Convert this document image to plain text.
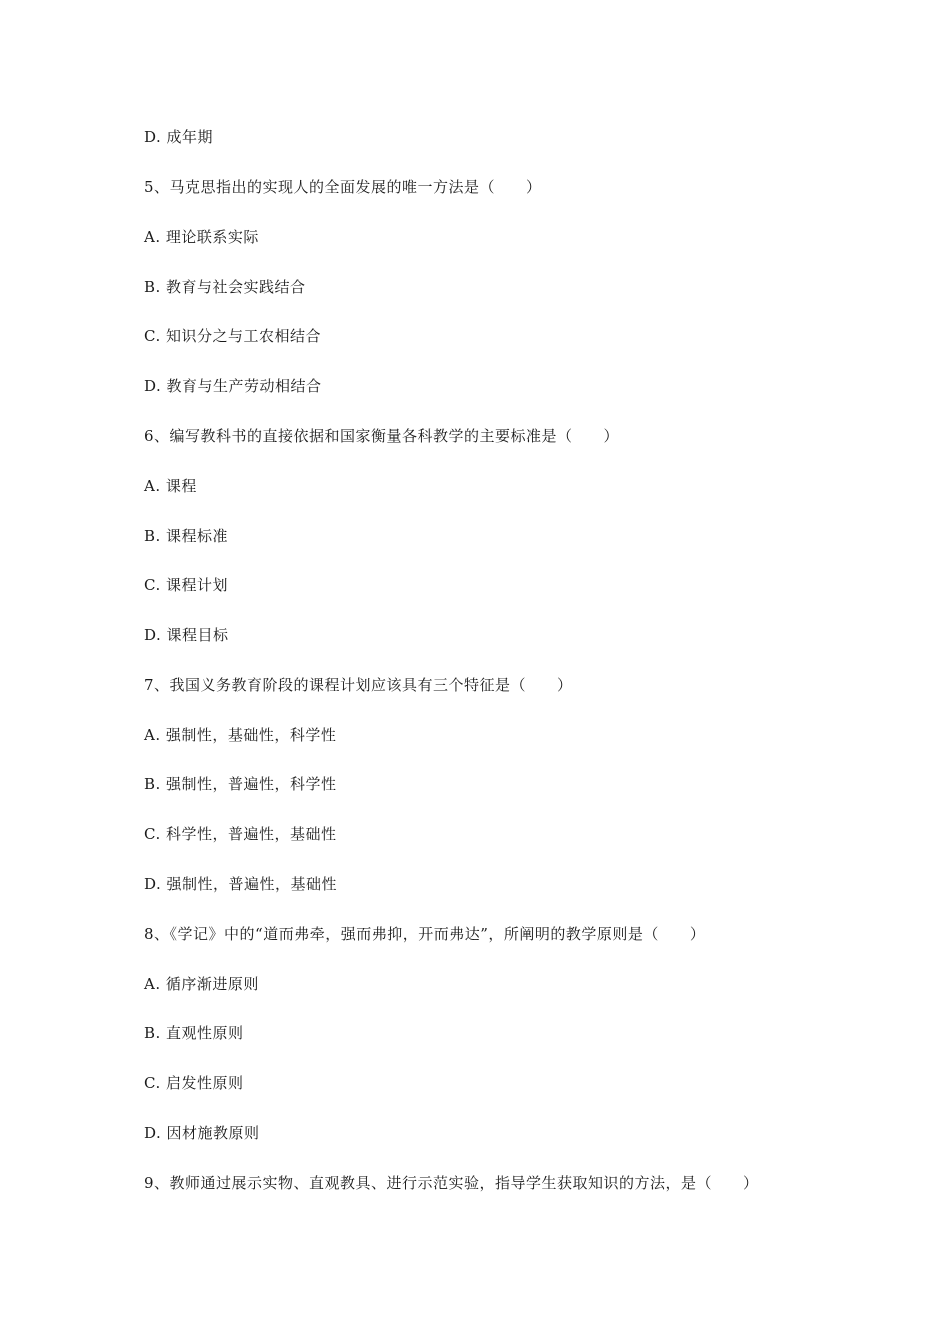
D. 成年期
5、马克思指出的实现人的全面发展的唯一方法是（　　）
A. 理论联系实际
B. 教育与社会实践结合
C. 知识分之与工农相结合
D. 教育与生产劳动相结合
6、编写教科书的直接依据和国家衡量各科教学的主要标准是（　　）
A. 课程
B. 课程标准
C. 课程计划
D. 课程目标
7、我国义务教育阶段的课程计划应该具有三个特征是（　　）
A. 强制性，基础性，科学性
B. 强制性，普遍性，科学性
C. 科学性，普遍性，基础性
D. 强制性，普遍性，基础性
8、《学记》中的“道而弗牵，强而弗抑，开而弗达”，所阐明的教学原则是（　　）
A. 循序渐进原则
B. 直观性原则
C. 启发性原则
D. 因材施教原则
9、教师通过展示实物、直观教具、进行示范实验，指导学生获取知识的方法，是（　　）
